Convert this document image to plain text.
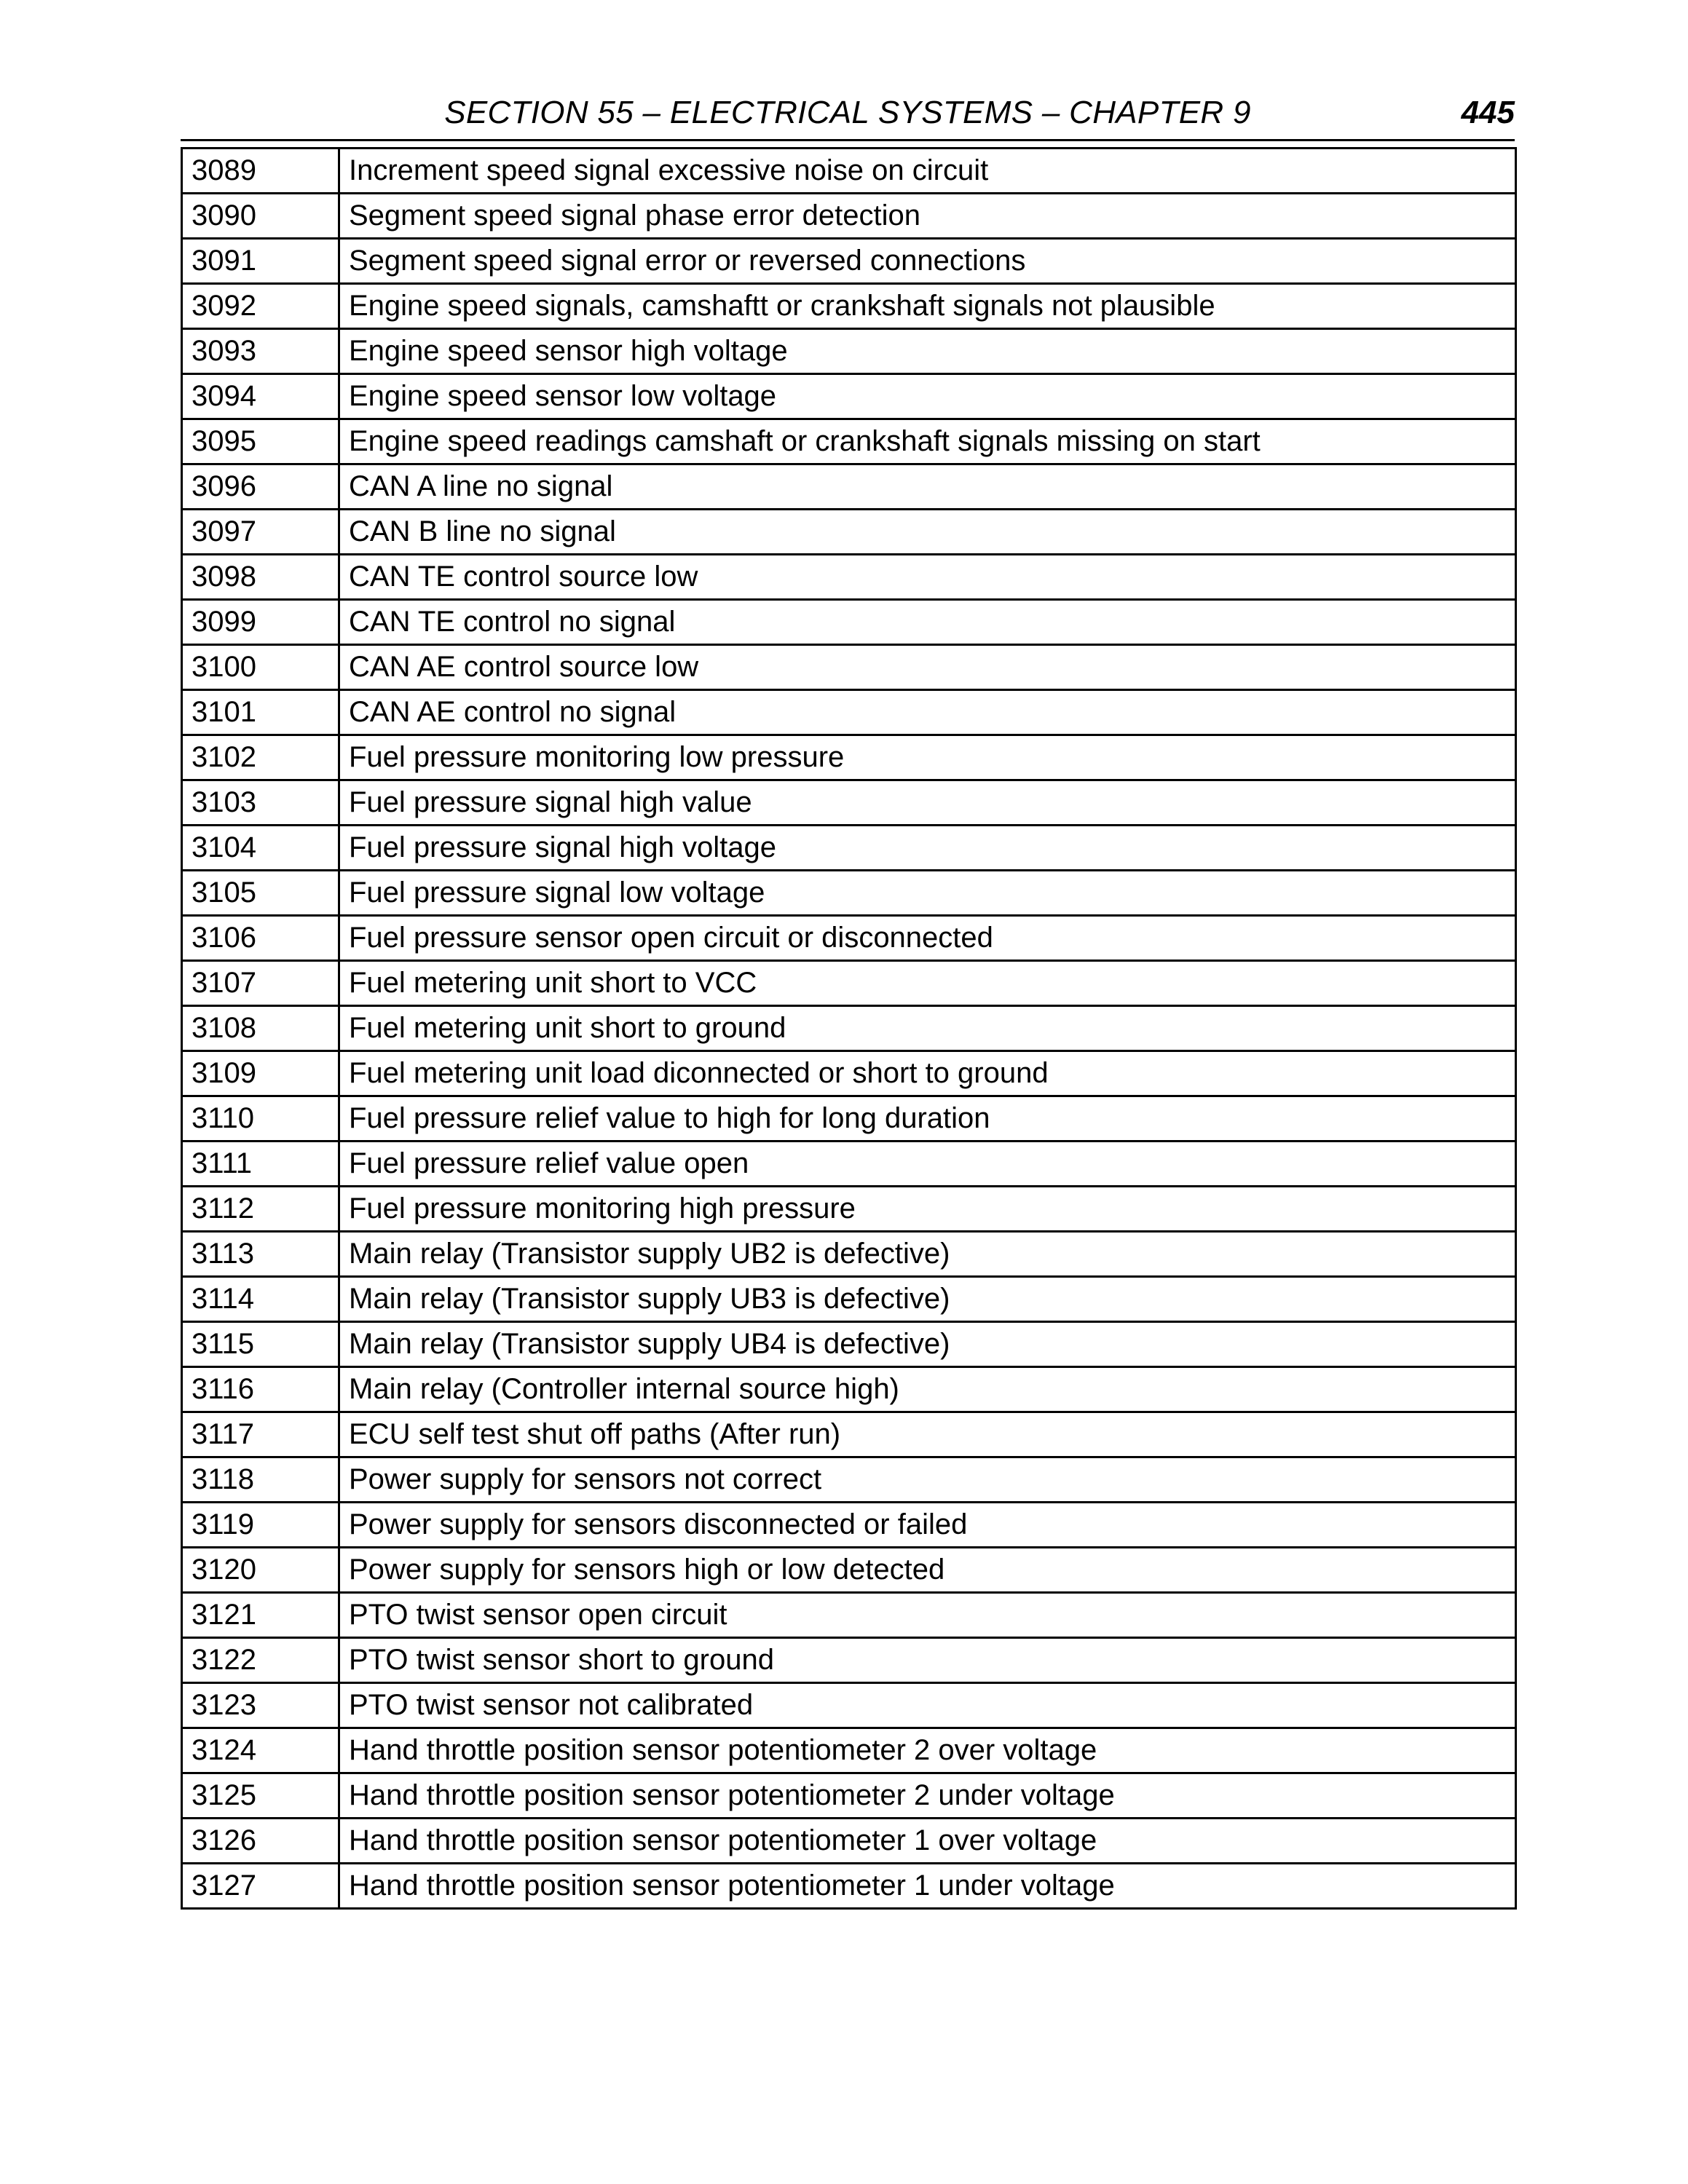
SECTION 55 – ELECTRICAL SYSTEMS – CHAPTER 9	445
3089	Increment speed signal excessive noise on circuit
3090	Segment speed signal phase error detection
3091	Segment speed signal error or reversed connections
3092	Engine speed signals, camshaftt or crankshaft signals not plausible
3093	Engine speed sensor high voltage
3094	Engine speed sensor low voltage
3095	Engine speed readings camshaft or crankshaft signals missing on start
3096	CAN A line no signal
3097	CAN B line no signal
3098	CAN TE control source low
3099	CAN TE control no signal
3100	CAN AE control source low
3101	CAN AE control no signal
3102	Fuel pressure monitoring low pressure
3103	Fuel pressure signal high value
3104	Fuel pressure signal high voltage
3105	Fuel pressure signal low voltage
3106	Fuel pressure sensor open circuit or disconnected
3107	Fuel metering unit short to VCC
3108	Fuel metering unit short to ground
3109	Fuel metering unit load diconnected or short to ground
3110	Fuel pressure relief value to high for long duration
3111	Fuel pressure relief value open
3112	Fuel pressure monitoring high pressure
3113	Main relay (Transistor supply UB2 is defective)
3114	Main relay (Transistor supply UB3 is defective)
3115	Main relay (Transistor supply UB4 is defective)
3116	Main relay (Controller internal source high)
3117	ECU self test shut off paths (After run)
3118	Power supply for sensors not correct
3119	Power supply for sensors disconnected or failed
3120	Power supply for sensors high or low detected
3121	PTO twist sensor open circuit
3122	PTO twist sensor short to ground
3123	PTO twist sensor not calibrated
3124	Hand throttle position sensor potentiometer 2 over voltage
3125	Hand throttle position sensor potentiometer 2 under voltage
3126	Hand throttle position sensor potentiometer 1 over voltage
3127	Hand throttle position sensor potentiometer 1 under voltage
